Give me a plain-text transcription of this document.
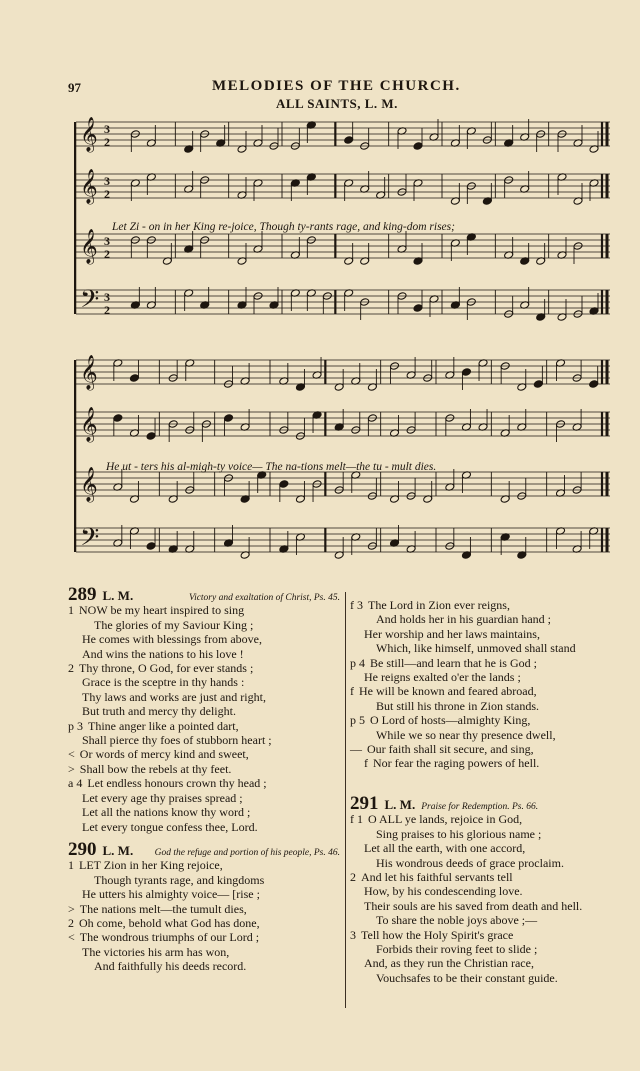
97	MELODIES OF THE CHURCH.
ALL SAINTS, L. M.
𝄞 3
2
𝄞 3
2
𝄞 3
2
𝄢 3
2
𝄞
𝄞
𝄞
𝄢
Let Zi - on in her King re-joice, Though ty-rants rage, and king-dom rises;
He ut - ters his al-migh-ty voice— The na-tions melt—the tu - mult dies.
289 L. M.	Victory and exaltation of Christ, Ps. 45.
1 NOW be my heart inspired to sing
The glories of my Saviour King ;
He comes with blessings from above,
And wins the nations to his love !
2 Thy throne, O God, for ever stands ;
Grace is the sceptre in thy hands :
Thy laws and works are just and right,
But truth and mercy thy delight.
p 3 Thine anger like a pointed dart,
Shall pierce thy foes of stubborn heart ;
< Or words of mercy kind and sweet,
> Shall bow the rebels at thy feet.
a 4 Let endless honours crown thy head ;
Let every age thy praises spread ;
Let all the nations know thy word ;
Let every tongue confess thee, Lord.
290 L. M.	God the refuge and portion of his people, Ps. 46.
1 LET Zion in her King rejoice,
Though tyrants rage, and kingdoms
He utters his almighty voice— [rise ;
> The nations melt—the tumult dies,
2 Oh come, behold what God has done,
< The wondrous triumphs of our Lord ;
The victories his arm has won,
And faithfully his deeds record.
f 3 The Lord in Zion ever reigns,
And holds her in his guardian hand ;
Her worship and her laws maintains,
Which, like himself, unmoved shall stand
p 4 Be still—and learn that he is God ;
He reigns exalted o'er the lands ;
f He will be known and feared abroad,
But still his throne in Zion stands.
p 5 O Lord of hosts—almighty King,
While we so near thy presence dwell,
— Our faith shall sit secure, and sing,
f Nor fear the raging powers of hell.
291 L. M. Praise for Redemption. Ps. 66.
f 1 O ALL ye lands, rejoice in God,
Sing praises to his glorious name ;
Let all the earth, with one accord,
His wondrous deeds of grace proclaim.
2 And let his faithful servants tell
How, by his condescending love.
Their souls are his saved from death and hell.
To share the noble joys above ;—
3 Tell how the Holy Spirit's grace
Forbids their roving feet to slide ;
And, as they run the Christian race,
Vouchsafes to be their constant guide.
